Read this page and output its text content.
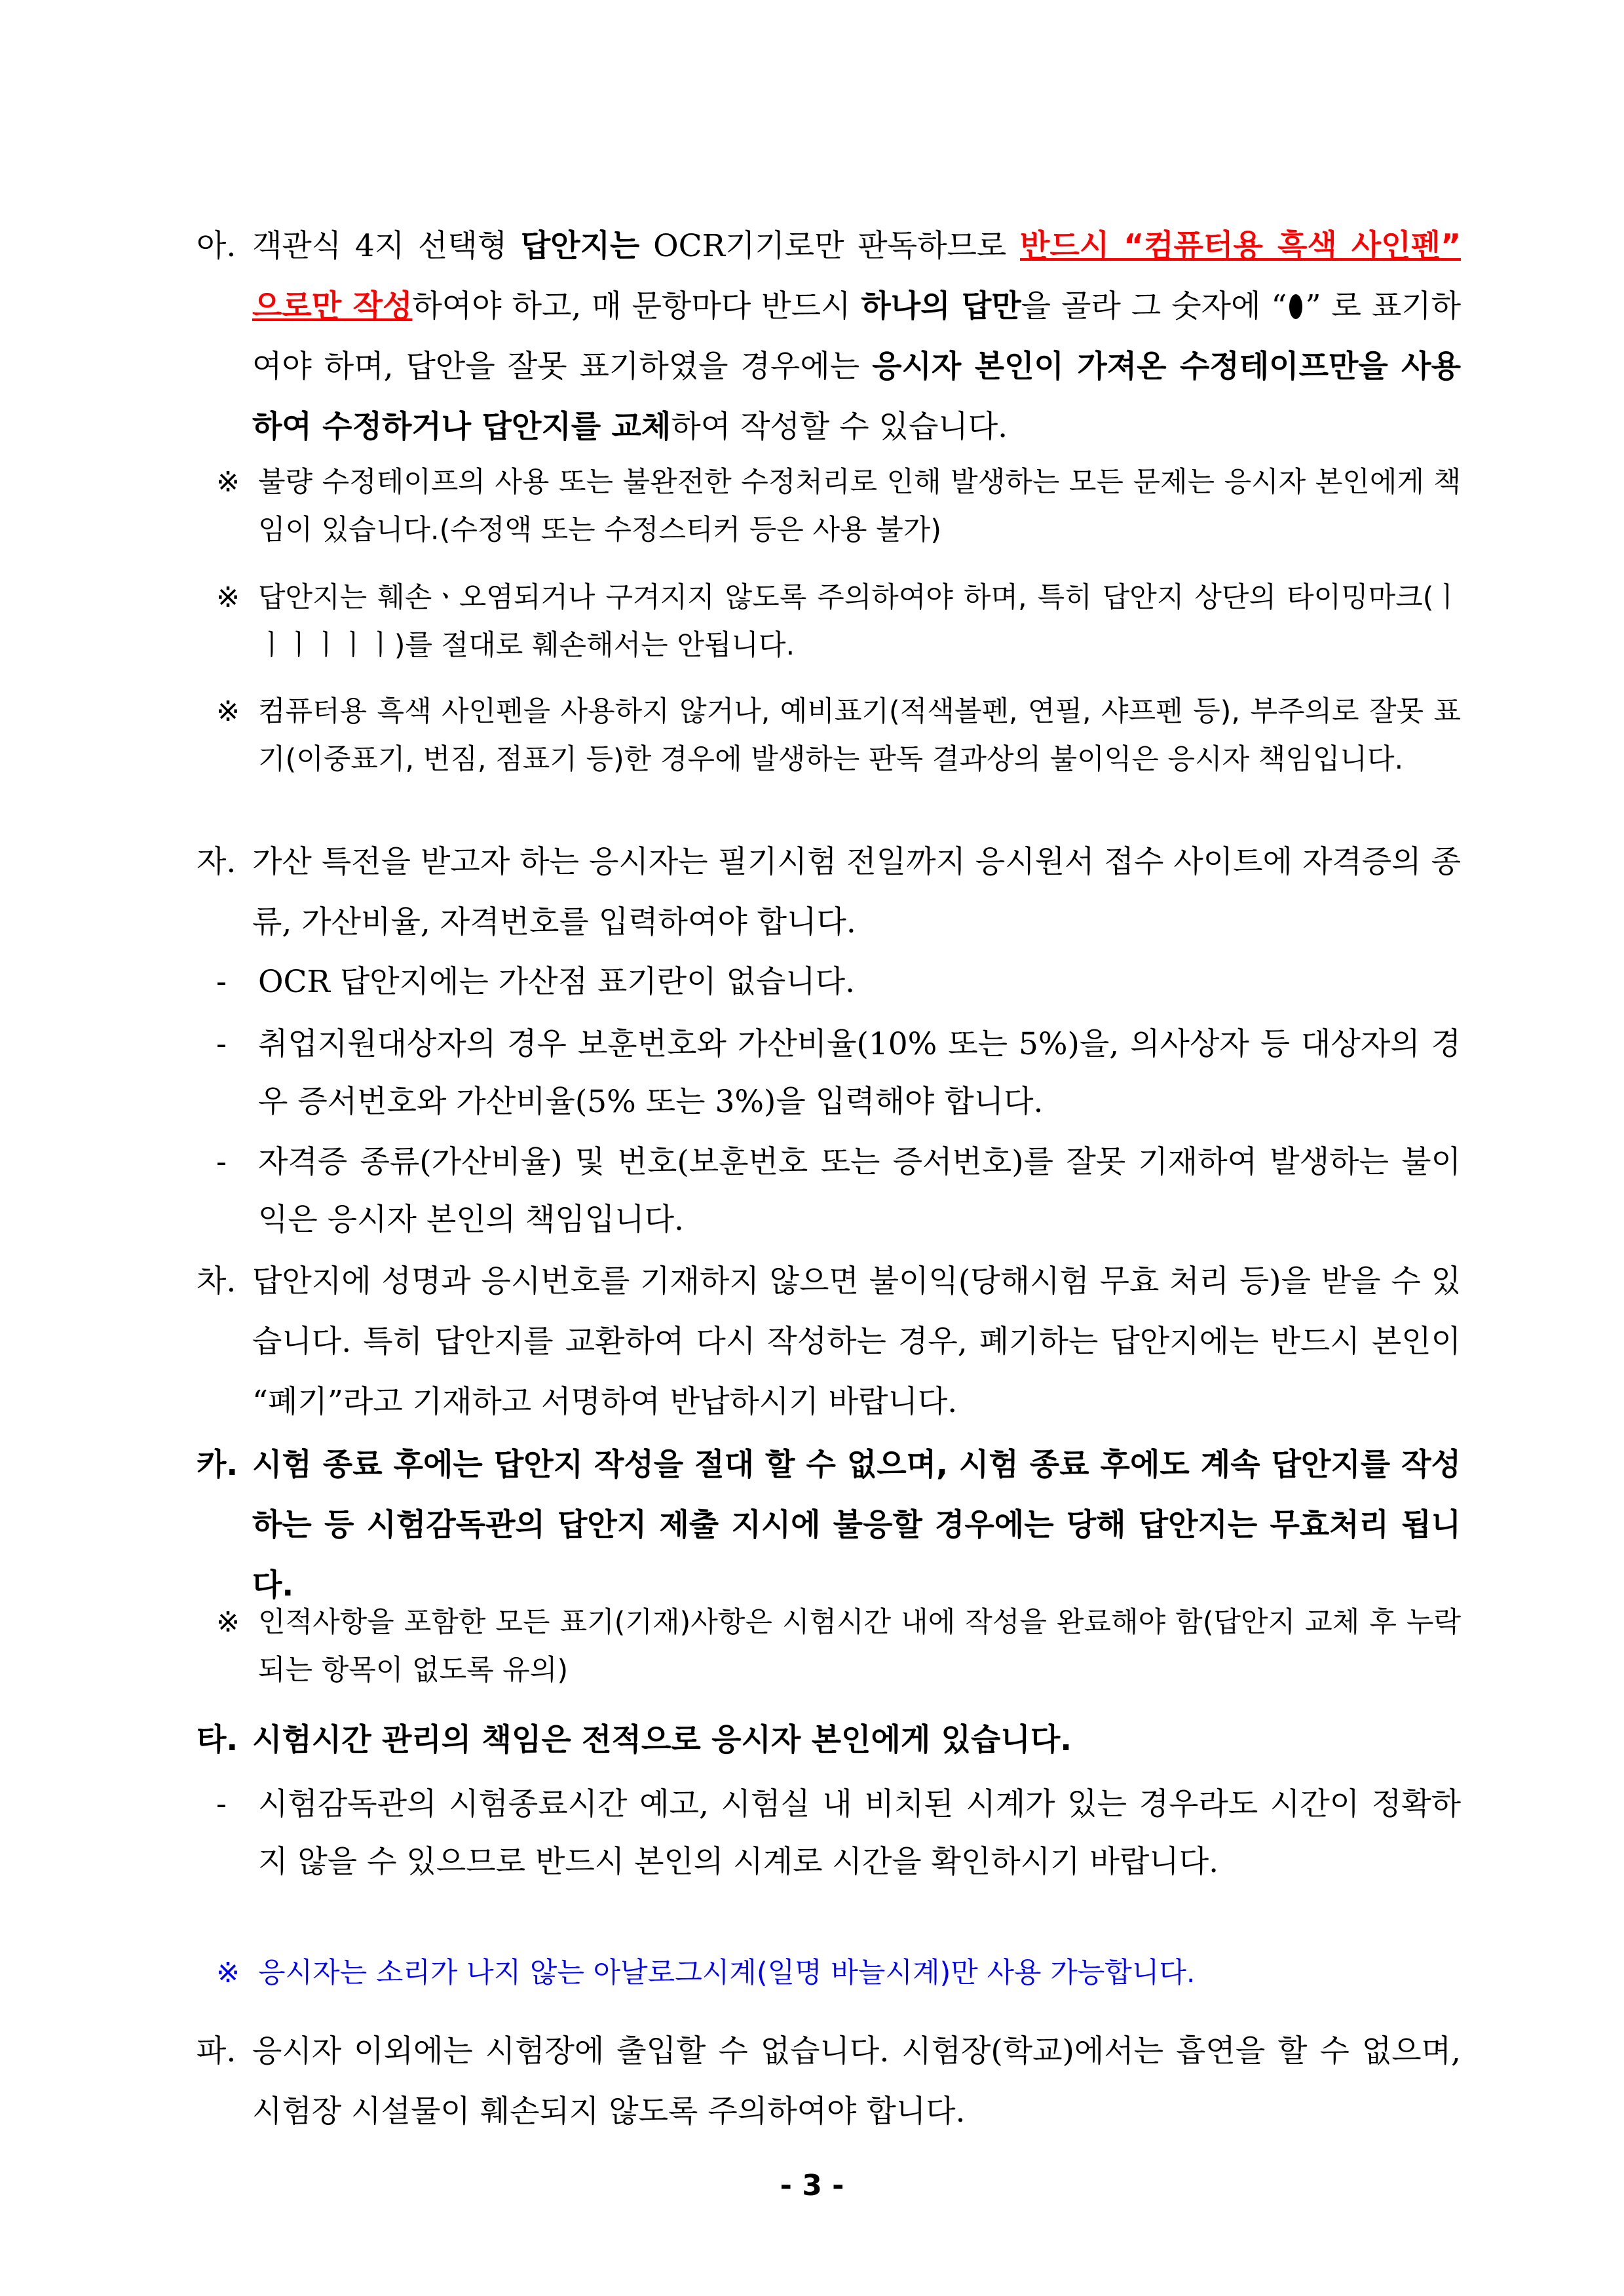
아. 객관식 4지 선택형 답안지는 OCR기기로만 판독하므로 반드시 “컴퓨터용 흑색 사인펜” 으로만 작성하여야 하고, 매 문항마다 반드시 하나의 답만을 골라 그 숫자에 “ ” 로 표기하여야 하며, 답안을 잘못 표기하였을 경우에는 응시자 본인이 가져온 수정테이프만을 사용하여 수정하거나 답안지를 교체하여 작성할 수 있습니다.
※ 불량 수정테이프의 사용 또는 불완전한 수정처리로 인해 발생하는 모든 문제는 응시자 본인에게 책임이 있습니다.(수정액 또는 수정스티커 등은 사용 불가)
※ 답안지는 훼손ㆍ오염되거나 구겨지지 않도록 주의하여야 하며, 특히 답안지 상단의 타이밍마크(ㅣㅣㅣㅣㅣㅣ)를 절대로 훼손해서는 안됩니다.
※ 컴퓨터용 흑색 사인펜을 사용하지 않거나, 예비표기(적색볼펜, 연필, 샤프펜 등), 부주의로 잘못 표기(이중표기, 번짐, 점표기 등)한 경우에 발생하는 판독 결과상의 불이익은 응시자 책임입니다.
자. 가산 특전을 받고자 하는 응시자는 필기시험 전일까지 응시원서 접수 사이트에 자격증의 종류, 가산비율, 자격번호를 입력하여야 합니다.
-	OCR 답안지에는 가산점 표기란이 없습니다.
-	취업지원대상자의 경우 보훈번호와 가산비율(10% 또는 5%)을, 의사상자 등 대상자의 경우 증서번호와 가산비율(5% 또는 3%)을 입력해야 합니다.
-	자격증 종류(가산비율) 및 번호(보훈번호 또는 증서번호)를 잘못 기재하여 발생하는 불이익은 응시자 본인의 책임입니다.
차. 답안지에 성명과 응시번호를 기재하지 않으면 불이익(당해시험 무효 처리 등)을 받을 수 있습니다. 특히 답안지를 교환하여 다시 작성하는 경우, 폐기하는 답안지에는 반드시 본인이 “폐기”라고 기재하고 서명하여 반납하시기 바랍니다.
카. 시험 종료 후에는 답안지 작성을 절대 할 수 없으며, 시험 종료 후에도 계속 답안지를 작성하는 등 시험감독관의 답안지 제출 지시에 불응할 경우에는 당해 답안지는 무효처리 됩니다.
※ 인적사항을 포함한 모든 표기(기재)사항은 시험시간 내에 작성을 완료해야 함(답안지 교체 후 누락되는 항목이 없도록 유의)
타. 시험시간 관리의 책임은 전적으로 응시자 본인에게 있습니다.
-	시험감독관의 시험종료시간 예고, 시험실 내 비치된 시계가 있는 경우라도 시간이 정확하지 않을 수 있으므로 반드시 본인의 시계로 시간을 확인하시기 바랍니다.
※ 응시자는 소리가 나지 않는 아날로그시계(일명 바늘시계)만 사용 가능합니다.
파. 응시자 이외에는 시험장에 출입할 수 없습니다. 시험장(학교)에서는 흡연을 할 수 없으며, 시험장 시설물이 훼손되지 않도록 주의하여야 합니다.
- 3 -
